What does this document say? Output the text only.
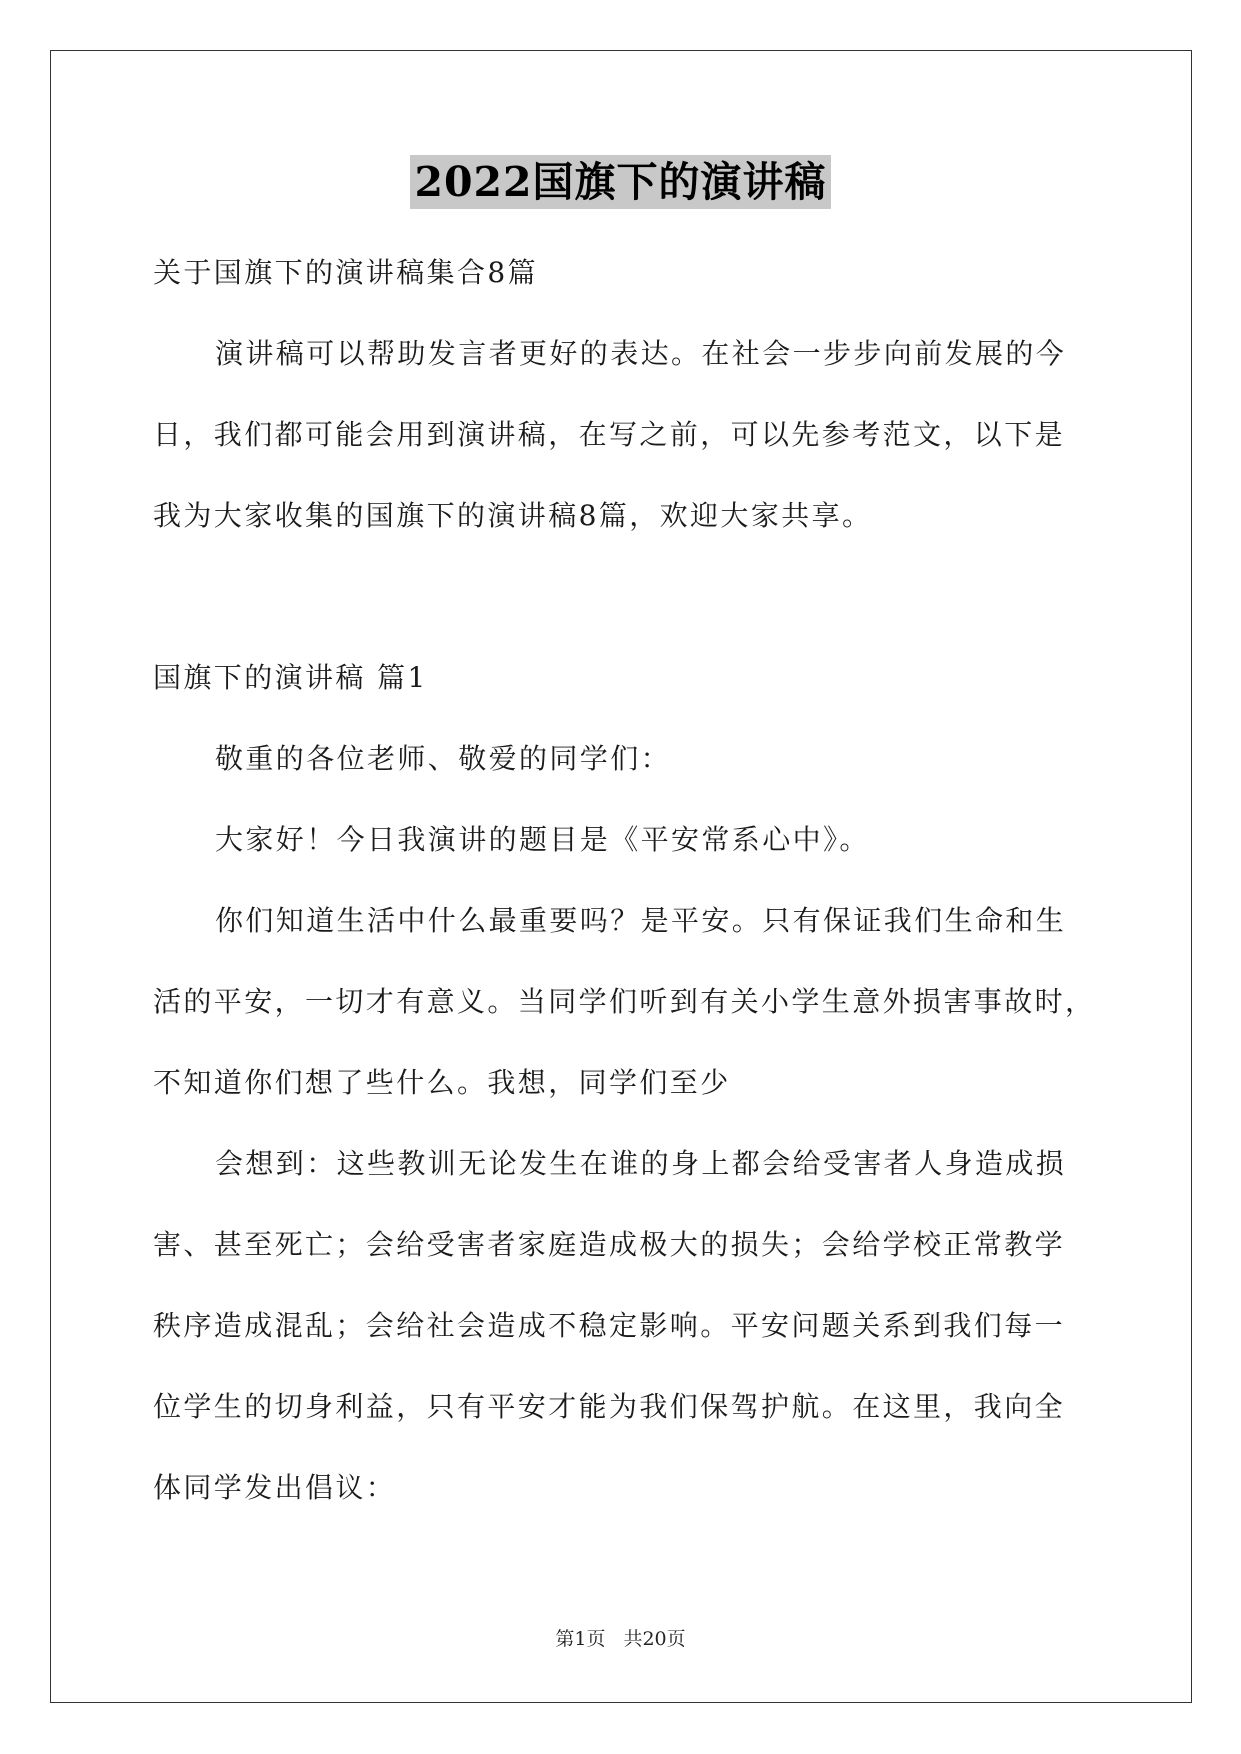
2022国旗下的演讲稿
关于国旗下的演讲稿集合8篇
演讲稿可以帮助发言者更好的表达。在社会一步步向前发展的今
日，我们都可能会用到演讲稿，在写之前，可以先参考范文，以下是
我为大家收集的国旗下的演讲稿8篇，欢迎大家共享。
国旗下的演讲稿 篇1
敬重的各位老师、敬爱的同学们：
大家好！今日我演讲的题目是《平安常系心中》。
你们知道生活中什么最重要吗？是平安。只有保证我们生命和生
活的平安，一切才有意义。当同学们听到有关小学生意外损害事故时，
不知道你们想了些什么。我想，同学们至少
会想到：这些教训无论发生在谁的身上都会给受害者人身造成损
害、甚至死亡；会给受害者家庭造成极大的损失；会给学校正常教学
秩序造成混乱；会给社会造成不稳定影响。平安问题关系到我们每一
位学生的切身利益，只有平安才能为我们保驾护航。在这里，我向全
体同学发出倡议：
第1页 共20页
